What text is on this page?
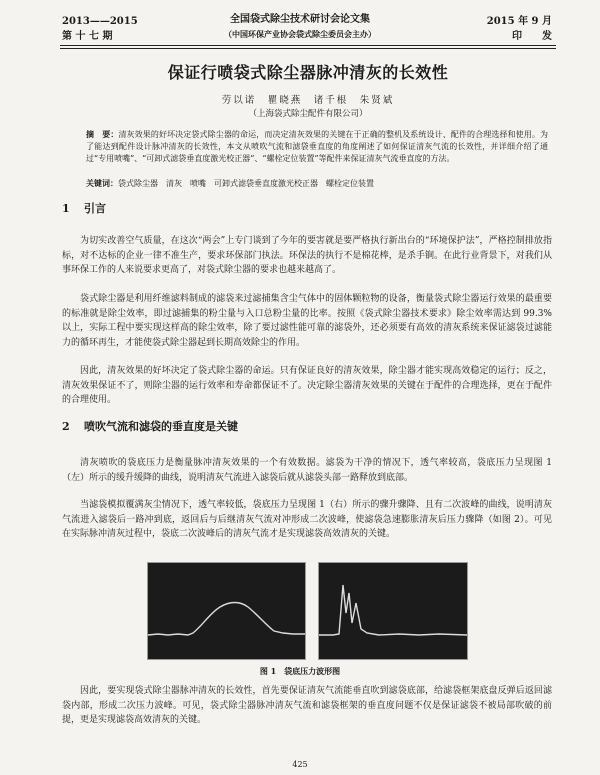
2013——2015
第 十 七 期
全国袋式除尘技术研讨会论文集
（中国环保产业协会袋式除尘委员会主办）
2015 年 9 月
印　　发
保证行喷袋式除尘器脉冲清灰的长效性
劳以诺　瞿晓燕　诸千根　朱贤斌
（上海袋式除尘配件有限公司）
摘　要：清灰效果的好坏决定袋式除尘器的命运，而决定清灰效果的关键在于正确的整机及系统设计、配件的合理选择和使用。为了能达到配件设计脉冲清灰的长效性，本文从喷吹气流和滤袋垂直度的角度阐述了如何保证清灰气流的长效性，并详细介绍了通过“专用喷嘴”、“可卸式滤袋垂直度激光校正器”、“螺栓定位装置”等配件来保证清灰气流垂直度的方法。
关键词：袋式除尘器　清灰　喷嘴　可卸式滤袋垂直度激光校正器　螺栓定位装置
1 引言
为切实改善空气质量，在这次“两会”上专门谈到了今年的要害就是要严格执行新出台的“环境保护法”，严格控制排放指标，对不达标的企业一律不准生产，要求环保部门执法。环保法的执行不是棉花棒，是杀手锏。在此行业背景下，对我们从事环保工作的人来说要求更高了，对袋式除尘器的要求也越来越高了。
袋式除尘器是利用纤维滤料制成的滤袋来过滤捕集含尘气体中的固体颗粒物的设备，衡量袋式除尘器运行效果的最重要的标准就是除尘效率，即过滤捕集的粉尘量与入口总粉尘量的比率。按照《袋式除尘器技术要求》除尘效率需达到 99.3%以上，实际工程中要实现这样高的除尘效率，除了要过滤性能可靠的滤袋外，还必须要有高效的清灰系统来保证滤袋过滤能力的循环再生，才能使袋式除尘器起到长期高效除尘的作用。
因此，清灰效果的好坏决定了袋式除尘器的命运。只有保证良好的清灰效果，除尘器才能实现高效稳定的运行；反之，清灰效果保证不了，则除尘器的运行效率和寿命都保证不了。决定除尘器清灰效果的关键在于配件的合理选择，更在于配件的合理使用。
2 喷吹气流和滤袋的垂直度是关键
清灰喷吹的袋底压力是衡量脉冲清灰效果的一个有效数据。滤袋为干净的情况下，透气率较高，袋底压力呈现图 1（左）所示的缓升缓降的曲线，说明清灰气流进入滤袋后就从滤袋头部一路释放到底部。
当滤袋模拟覆满灰尘情况下，透气率较低，袋底压力呈现图 1（右）所示的骤升骤降、且有二次波峰的曲线，说明清灰气流进入滤袋后一路冲到底，返回后与后继清灰气流对冲形成二次波峰，使滤袋急速膨胀清灰后压力骤降（如图 2）。可见在实际脉冲清灰过程中，袋底二次波峰后的清灰气流才是实现滤袋高效清灰的关键。
图 1　袋底压力波形图
因此，要实现袋式除尘器脉冲清灰的长效性，首先要保证清灰气流能垂直吹到滤袋底部，给滤袋框架底盘反弹后返回滤袋内部，形成二次压力波峰。可见，袋式除尘器脉冲清灰气流和滤袋框架的垂直度问题不仅是保证滤袋不被局部吹破的前提，更是实现滤袋高效清灰的关键。
425
